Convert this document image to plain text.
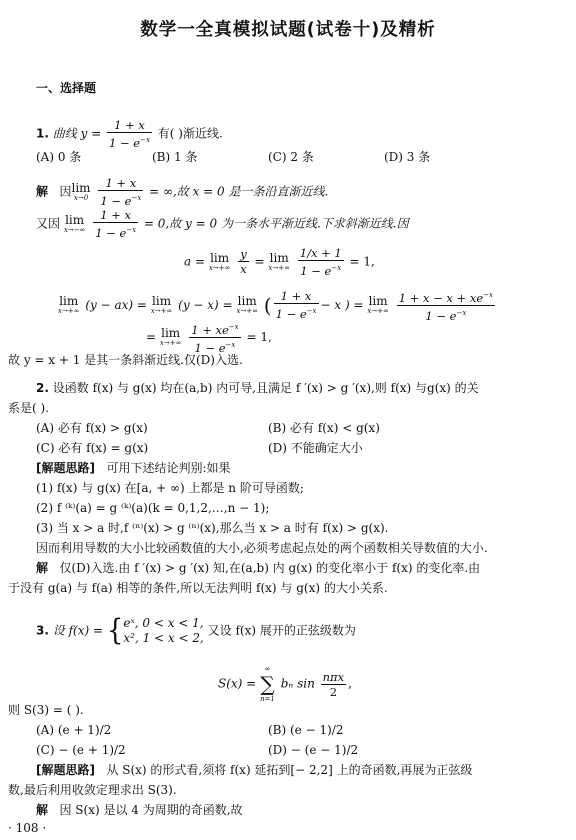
数学一全真模拟试题(试卷十)及精析
一、选择题
1. 曲线 $y = \frac{1 + x}{1 - e^{-x}}$ 有( )渐近线.
(A) 0 条	(B) 1 条	(C) 2 条	(D) 3 条
解 因 lim
x→0
$\frac{1 + x}{1 - e^{-x}}$ = ∞,故 x = 0 是一条沿直渐近线.
又因 lim
x→−∞
$\frac{1 + x}{1 - e^{-x}} = 0$,故 y = 0 为一条水平渐近线.下求斜渐近线.因
a = lim
x→+∞
$\frac{y}{x} = \lim$
x→+∞
$\frac{1/x + 1}{1 - e^{-x}} = 1$,
lim
x→+∞ (y − ax) = lim
x→+∞ (y − x) = lim
x→+∞ ( $\frac{1 + x}{1 - e^{-x}} - x$ ) = lim
x→+∞
$\frac{1 + x - x + xe^{-x}}{1 - e^{-x}}$
= lim
x→+∞
$\frac{1 + xe^{-x}}{1 - e^{-x}} = 1$,
故 y = x + 1 是其一条斜渐近线.仅(D)入选.
2. 设函数 f(x) 与 g(x) 均在(a,b) 内可导,且满足 f ′(x) > g ′(x),则 f(x) 与g(x) 的关
系是( ).
(A) 必有 f(x) > g(x)	(B) 必有 f(x) < g(x)
(C) 必有 f(x) = g(x)	(D) 不能确定大小
[解题思路] 可用下述结论判别:如果
(1) f(x) 与 g(x) 在[a, + ∞) 上都是 n 阶可导函数;
(2) f ⁽ᵏ⁾(a) = g ⁽ᵏ⁾(a)(k = 0,1,2,…,n − 1);
(3) 当 x > a 时,f ⁽ⁿ⁾(x) > g ⁽ⁿ⁾(x),那么当 x > a 时有 f(x) > g(x).
因而利用导数的大小比较函数值的大小,必须考虑起点处的两个函数相关导数值的大小.
解 仅(D)入选.由 f ′(x) > g ′(x) 知,在(a,b) 内 g(x) 的变化率小于 f(x) 的变化率.由
于没有 g(a) 与 f(a) 相等的条件,所以无法判明 f(x) 与 g(x) 的大小关系.
3. 设 f(x) = { eˣ, 0 < x < 1,
x², 1 < x < 2,
又设 f(x) 展开的正弦级数为
S(x) =
∞
∑
n=1
bₙ $\sin \frac{\text{nπx}}{2}$ ,
则 S(3) = ( ).
(A) (e + 1)/2	(B) (e − 1)/2
(C) − (e + 1)/2	(D) − (e − 1)/2
[解题思路] 从 S(x) 的形式看,须将 f(x) 延拓到[− 2,2] 上的奇函数,再展为正弦级
数,最后利用收敛定理求出 S(3).
解 因 S(x) 是以 4 为周期的奇函数,故
· 108 ·
